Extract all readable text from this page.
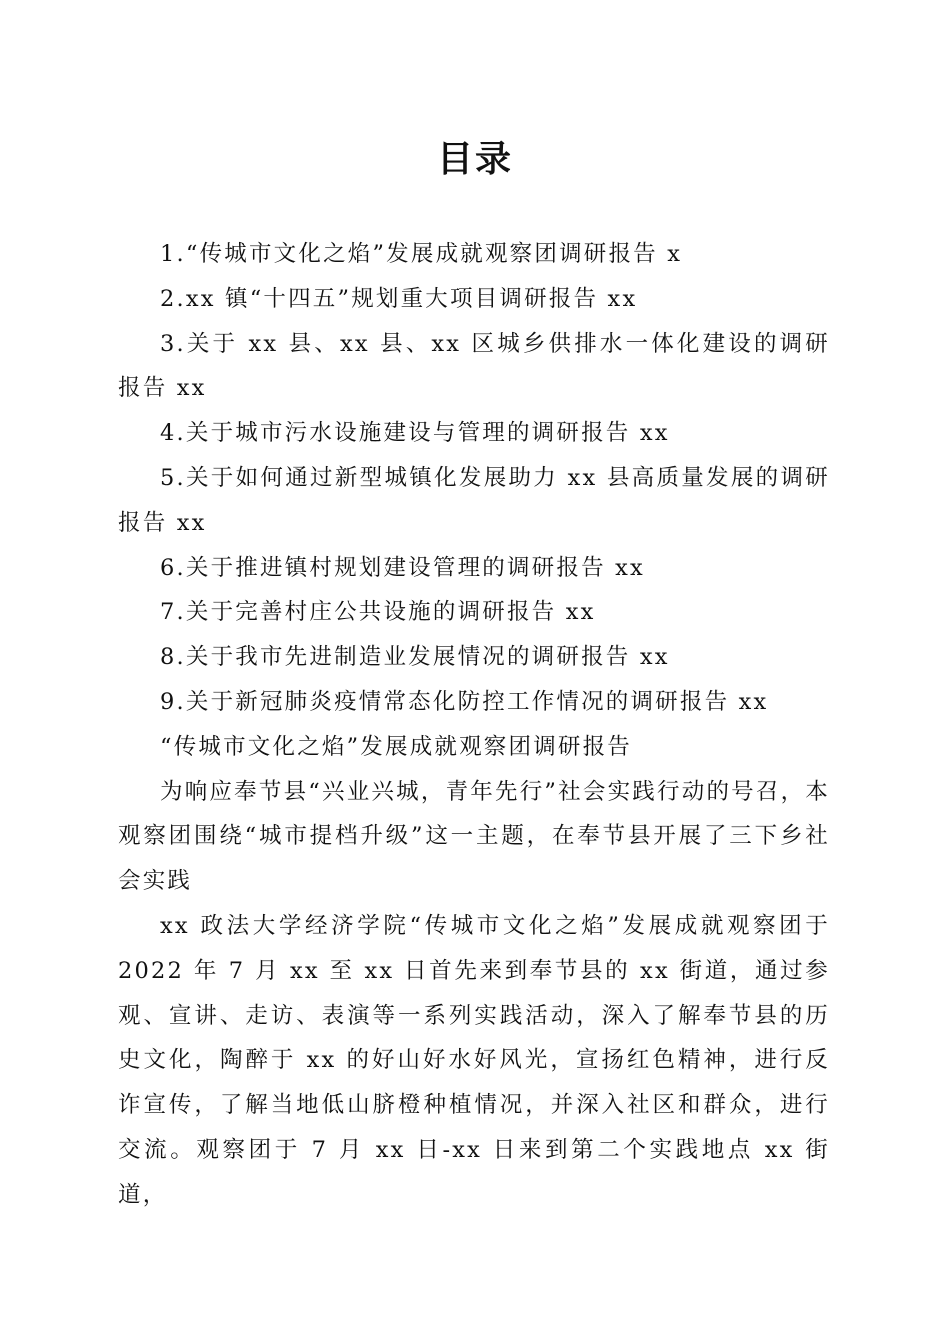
目录

1.“传城市文化之焰”发展成就观察团调研报告 x

2.xx 镇“十四五”规划重大项目调研报告 xx

3.关于 xx 县、xx 县、xx 区城乡供排水一体化建设的调研报告 xx

4.关于城市污水设施建设与管理的调研报告 xx

5.关于如何通过新型城镇化发展助力 xx 县高质量发展的调研报告 xx

6.关于推进镇村规划建设管理的调研报告 xx

7.关于完善村庄公共设施的调研报告 xx

8.关于我市先进制造业发展情况的调研报告 xx

9.关于新冠肺炎疫情常态化防控工作情况的调研报告 xx

“传城市文化之焰”发展成就观察团调研报告

为响应奉节县“兴业兴城，青年先行”社会实践行动的号召，本观察团围绕“城市提档升级”这一主题，在奉节县开展了三下乡社会实践

xx 政法大学经济学院“传城市文化之焰”发展成就观察团于 2022 年 7 月 xx 至 xx 日首先来到奉节县的 xx 街道，通过参观、宣讲、走访、表演等一系列实践活动，深入了解奉节县的历史文化，陶醉于 xx 的好山好水好风光，宣扬红色精神，进行反诈宣传，了解当地低山脐橙种植情况，并深入社区和群众，进行交流。观察团于 7 月 xx 日-xx 日来到第二个实践地点 xx 街道，
